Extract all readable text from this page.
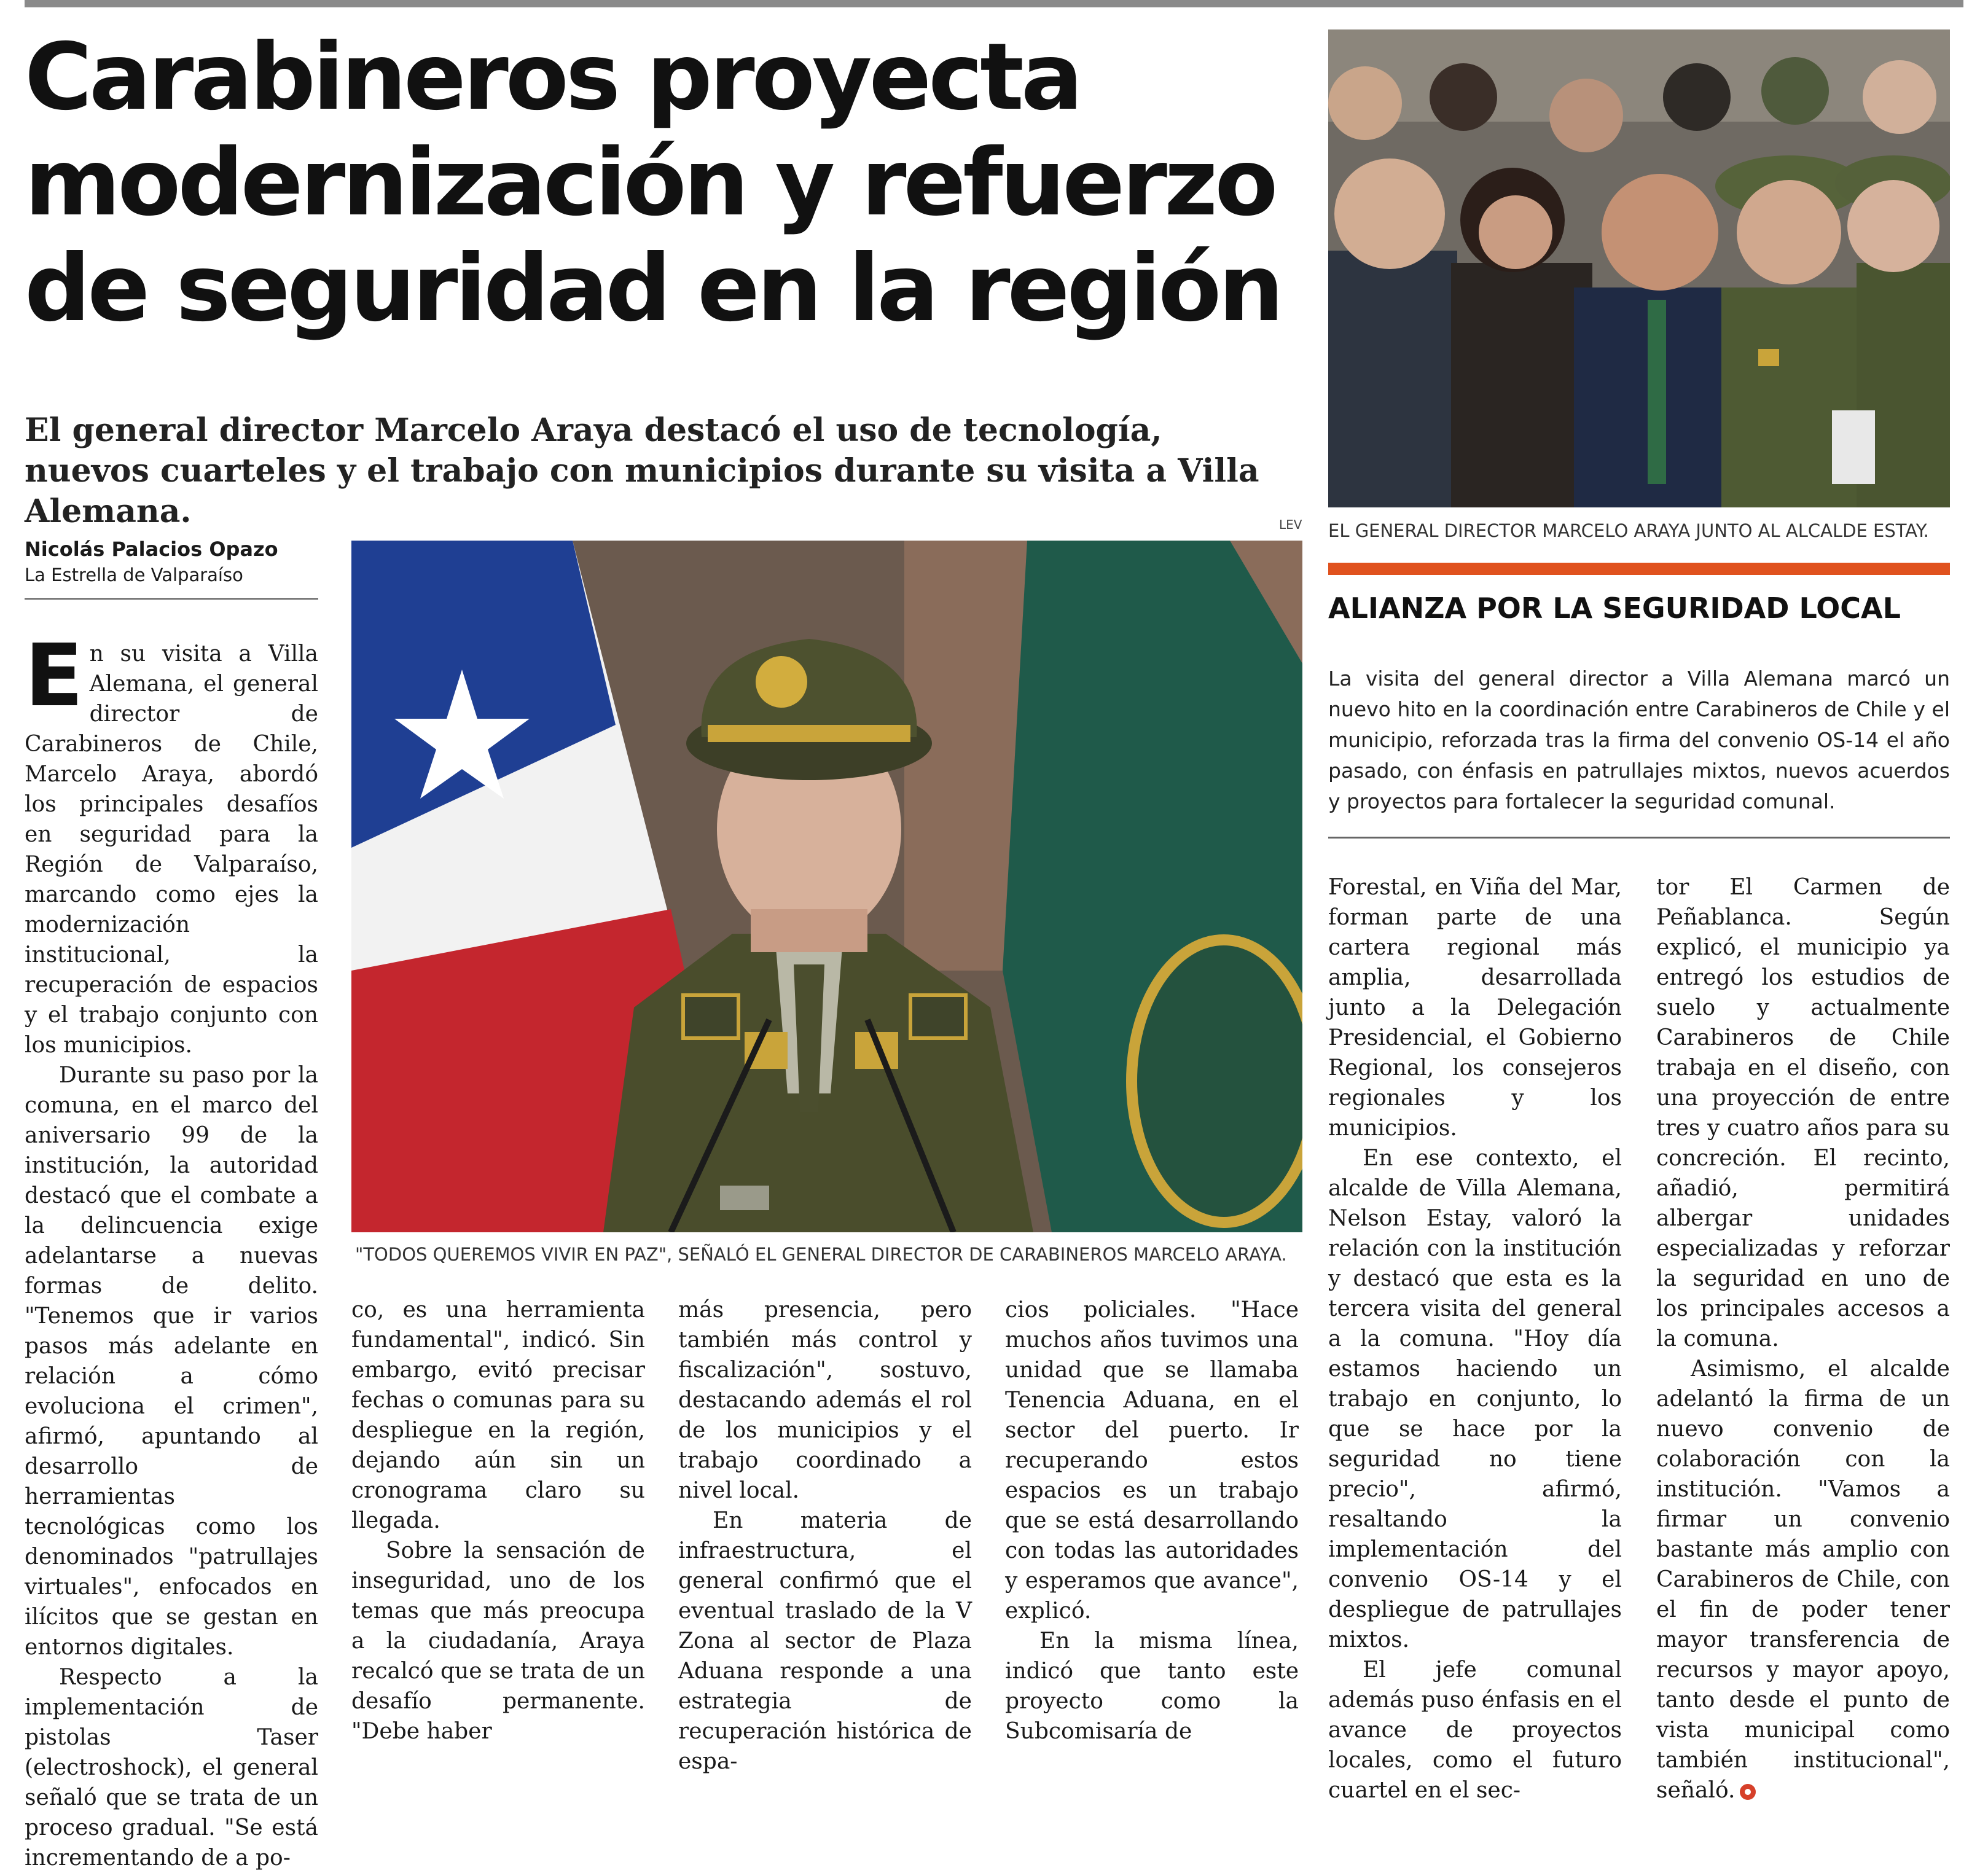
Carabineros proyecta
modernización y refuerzo
de seguridad en la región

El general director Marcelo Araya destacó el uso de tecnología, nuevos cuarteles y el trabajo con municipios durante su visita a Villa Alemana.	LEV
Nicolás Palacios Opazo
La Estrella de Valparaíso
EL GENERAL DIRECTOR MARCELO ARAYA JUNTO AL ALCALDE ESTAY.
ALIANZA POR LA SEGURIDAD LOCAL

La visita del general director a Villa Alemana marcó un nuevo hito en la coordinación entre Carabineros de Chile y el municipio, reforzada tras la firma del convenio OS-14 el año pasado, con énfasis en patrullajes mixtos, nuevos acuerdos y proyectos para fortalecer la seguridad comunal.

"TODOS QUEREMOS VIVIR EN PAZ", SEÑALÓ EL GENERAL DIRECTOR DE CARABINEROS MARCELO ARAYA.

En su visita a Villa Alemana, el general director de Carabineros de Chile, Marcelo Araya, abordó los principales desafíos en seguridad para la Región de Valparaíso, marcando como ejes la modernización institucional, la recuperación de espacios y el trabajo conjunto con los municipios.

Durante su paso por la comuna, en el marco del aniversario 99 de la institución, la autoridad destacó que el combate a la delincuencia exige adelantarse a nuevas formas de delito. "Tenemos que ir varios pasos más adelante en relación a cómo evoluciona el crimen", afirmó, apuntando al desarrollo de herramientas tecnológicas como los denominados "patrullajes virtuales", enfocados en ilícitos que se gestan en entornos digitales.

Respecto a la implementación de pistolas Taser (electroshock), el general señaló que se trata de un proceso gradual. "Se está incrementando de a po-

co, es una herramienta fundamental", indicó. Sin embargo, evitó precisar fechas o comunas para su despliegue en la región, dejando aún sin un cronograma claro su llegada.

Sobre la sensación de inseguridad, uno de los temas que más preocupa a la ciudadanía, Araya recalcó que se trata de un desafío permanente. "Debe haber

más presencia, pero también más control y fiscalización", sostuvo, destacando además el rol de los municipios y el trabajo coordinado a nivel local.

En materia de infraestructura, el general confirmó que el eventual traslado de la V Zona al sector de Plaza Aduana responde a una estrategia de recuperación histórica de espa-

cios policiales. "Hace muchos años tuvimos una unidad que se llamaba Tenencia Aduana, en el sector del puerto. Ir recuperando estos espacios es un trabajo que se está desarrollando con todas las autoridades y esperamos que avance", explicó.

En la misma línea, indicó que tanto este proyecto como la Subcomisaría de

Forestal, en Viña del Mar, forman parte de una cartera regional más amplia, desarrollada junto a la Delegación Presidencial, el Gobierno Regional, los consejeros regionales y los municipios.

En ese contexto, el alcalde de Villa Alemana, Nelson Estay, valoró la relación con la institución y destacó que esta es la tercera visita del general a la comuna. "Hoy día estamos haciendo un trabajo en conjunto, lo que se hace por la seguridad no tiene precio", afirmó, resaltando la implementación del convenio OS-14 y el despliegue de patrullajes mixtos.

El jefe comunal además puso énfasis en el avance de proyectos locales, como el futuro cuartel en el sec-

tor El Carmen de Peñablanca. Según explicó, el municipio ya entregó los estudios de suelo y actualmente Carabineros de Chile trabaja en el diseño, con una proyección de entre tres y cuatro años para su concreción. El recinto, añadió, permitirá albergar unidades especializadas y reforzar la seguridad en uno de los principales accesos a la comuna.

Asimismo, el alcalde adelantó la firma de un nuevo convenio de colaboración con la institución. "Vamos a firmar un convenio bastante más amplio con Carabineros de Chile, con el fin de poder tener mayor transferencia de recursos y mayor apoyo, tanto desde el punto de vista municipal como también institucional", señaló.
